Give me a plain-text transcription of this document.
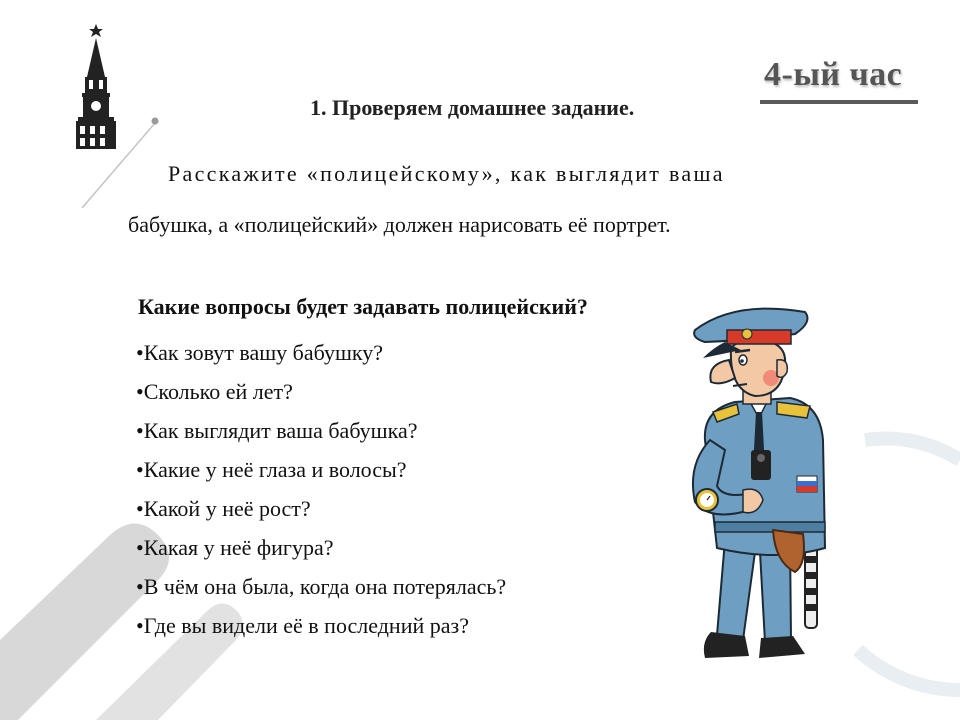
4-ый час
1. Проверяем домашнее задание.
Расскажите «полицейскому», как выглядит ваша
бабушка, а «полицейский» должен нарисовать её портрет.
Какие вопросы будет задавать полицейский?
• Как зовут вашу бабушку?
• Сколько ей лет?
• Как выглядит ваша бабушка?
• Какие у неё глаза и волосы?
• Какой у неё рост?
• Какая у неё фигура?
• В чём она была, когда она потерялась?
• Где вы видели её в последний раз?
